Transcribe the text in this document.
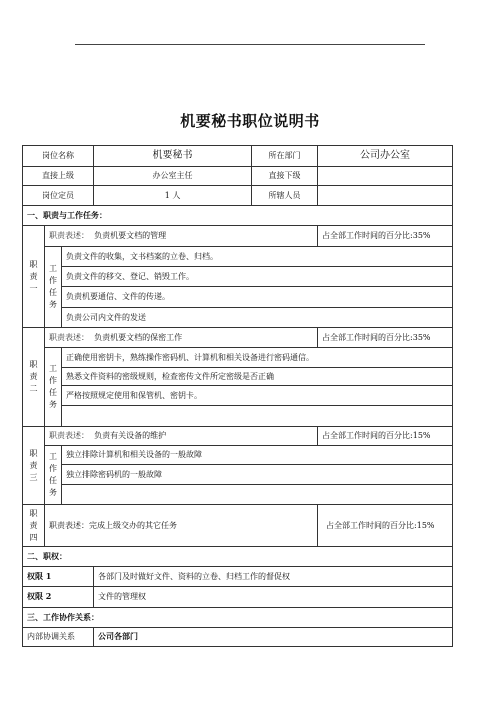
机要秘书职位说明书
岗位名称			机要秘书	所在部门	公司办公室
直接上级			办公室主任	直接下级	
岗位定员			1 人	所辖人员	
一、职责与工作任务：					

职
责
一	职责表述： 负责机要文档的管理				占全部工作时间的百分比:35%

	工
作
任
务	负责文件的收集，文书档案的立卷、归档。			
		负责文件的移交、登记、销毁工作。			
		负责机要通信、文件的传递。			
		负责公司内文件的发送			

职
责
二	职责表述： 负责机要文档的保密工作				占全部工作时间的百分比:35%

	工
作
任
务	正确使用密钥卡，熟练操作密码机、计算机和相关设备进行密码通信。			
		熟悉文件资料的密级规则，检查密传文件所定密级是否正确			
		严格按照规定使用和保管机、密钥卡。			

职
责
三	职责表述： 负责有关设备的维护				占全部工作时间的百分比:15%

	工
作
任
务	独立排除计算机和相关设备的一般故障			
		独立排除密码机的一般故障			

职
责
四	职责表述：完成上级交办的其它任务				占全部工作时间的百分比:15%
二、职权：					
权限 1			各部门及时做好文件、资料的立卷、归档工作的督促权		
权限 2			文件的管理权		
三、工作协作关系：					
内部协调关系			公司各部门		
